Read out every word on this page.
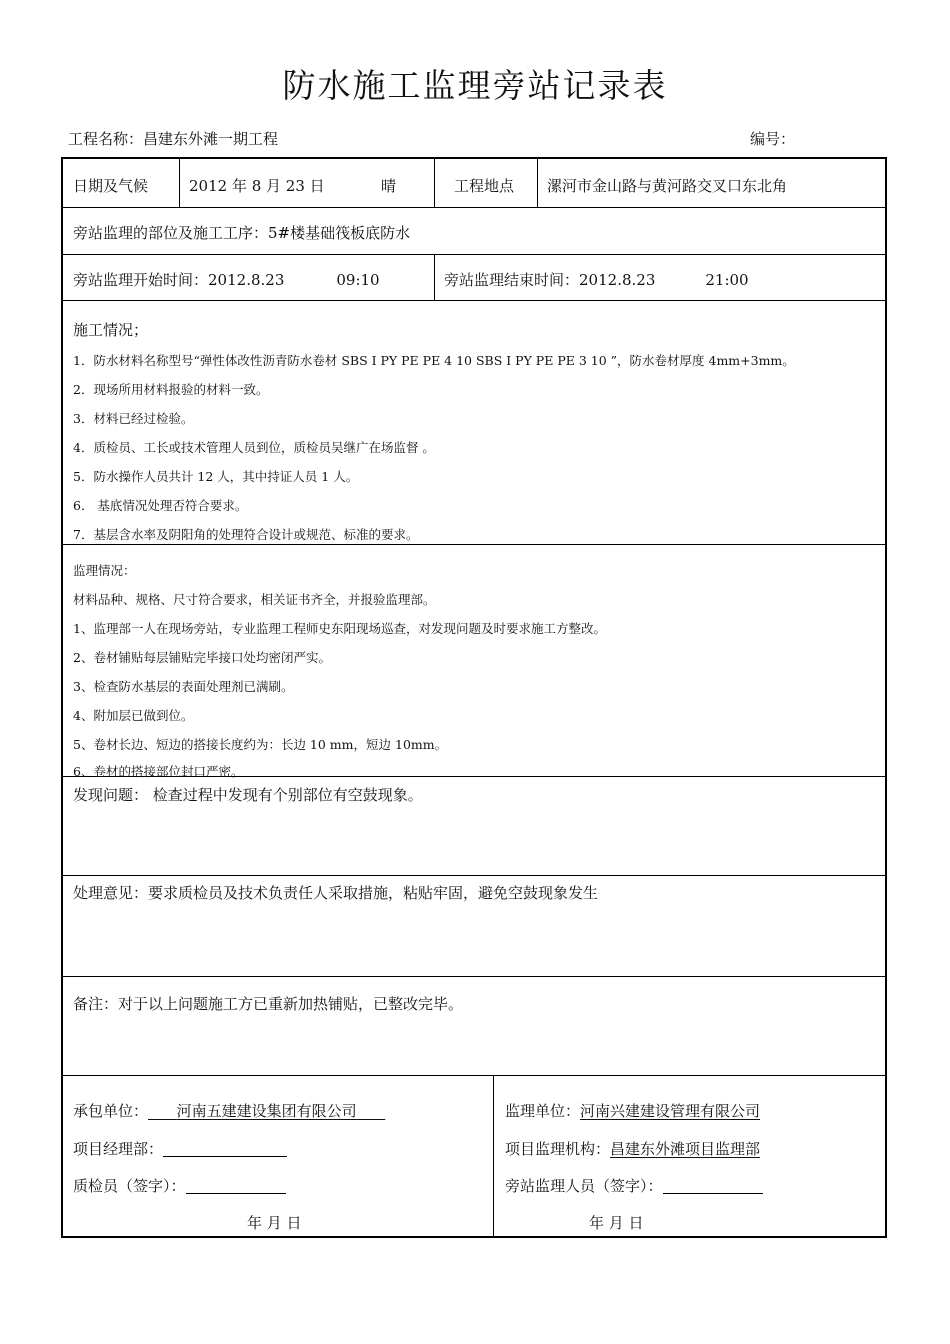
防水施工监理旁站记录表
工程名称：昌建东外滩一期工程	编号：
日期及气候	2012 年 8 月 23 日	晴	工程地点 漯河市金山路与黄河路交叉口东北角
旁站监理的部位及施工工序：5#楼基础筏板底防水
旁站监理开始时间：2012.8.23	09:10	旁站监理结束时间：2012.8.23	21:00
施工情况；
1．防水材料名称型号“弹性体改性沥青防水卷材 SBS I PY PE PE 4 10 SBS I PY PE PE 3 10 ”，防水卷材厚度 4mm+3mm。
2．现场所用材料报验的材料一致。
3．材料已经过检验。
4．质检员、工长或技术管理人员到位，质检员吴继广在场监督 。
5．防水操作人员共计 12 人，其中持证人员 1 人。
6． 基底情况处理否符合要求。
7．基层含水率及阴阳角的处理符合设计或规范、标准的要求。
监理情况：
材料品种、规格、尺寸符合要求，相关证书齐全，并报验监理部。
1、监理部一人在现场旁站，专业监理工程师史东阳现场巡查，对发现问题及时要求施工方整改。
2、卷材铺贴每层铺贴完毕接口处均密闭严实。
3、检查防水基层的表面处理剂已满刷。
4、附加层已做到位。
5、卷材长边、短边的搭接长度约为：长边 10 mm，短边 10mm。
6、卷材的搭接部位封口严密。
发现问题： 检查过程中发现有个别部位有空鼓现象。
处理意见：要求质检员及技术负责任人采取措施，粘贴牢固，避免空鼓现象发生
备注：对于以上问题施工方已重新加热铺贴，已整改完毕。
承包单位： 河南五建建设集团有限公司
项目经理部：
质检员（签字）：
年 月 日
监理单位：河南兴建建设管理有限公司
项目监理机构：昌建东外滩项目监理部
旁站监理人员（签字）：
年 月 日
